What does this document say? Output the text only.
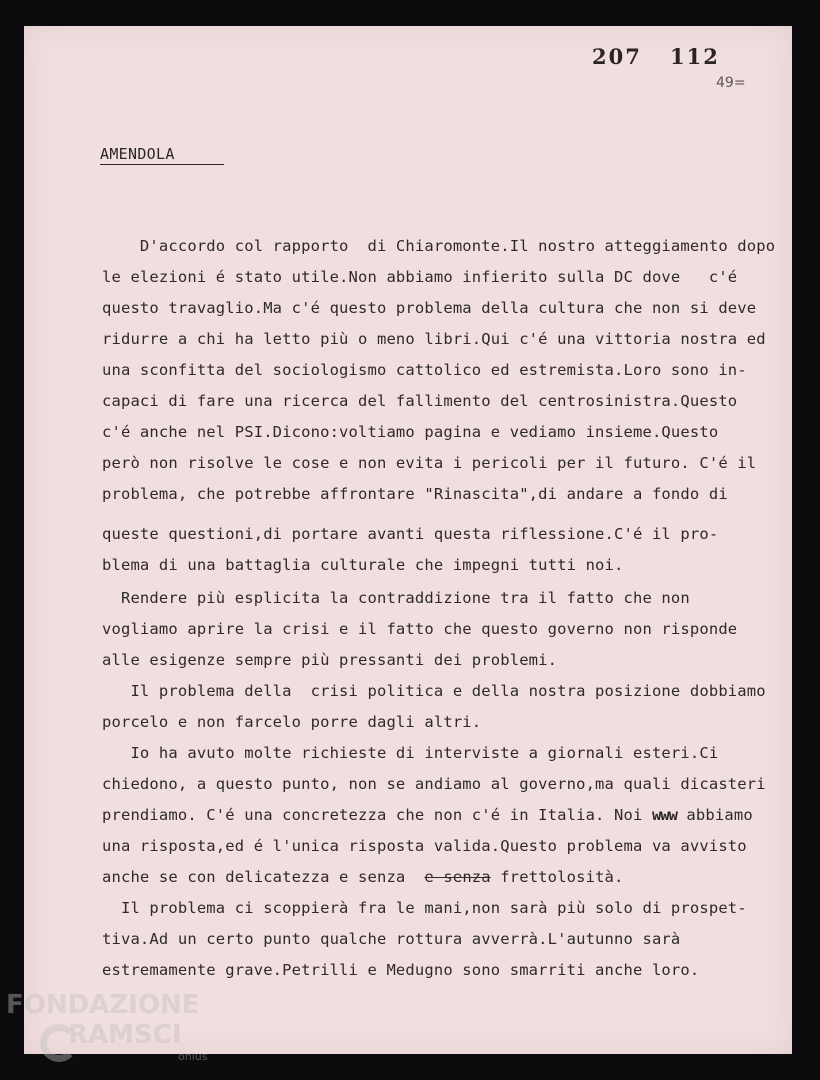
207 112
49=
AMENDOLA
D'accordo col rapporto  di Chiaromonte.Il nostro atteggiamento dopo
le elezioni é stato utile.Non abbiamo infierito sulla DC dove   c'é
questo travaglio.Ma c'é questo problema della cultura che non si deve
ridurre a chi ha letto più o meno libri.Qui c'é una vittoria nostra ed
una sconfitta del sociologismo cattolico ed estremista.Loro sono in-
capaci di fare una ricerca del fallimento del centrosinistra.Questo
c'é anche nel PSI.Dicono:voltiamo pagina e vediamo insieme.Questo
però non risolve le cose e non evita i pericoli per il futuro. C'é il
problema, che potrebbe affrontare "Rinascita",di andare a fondo di
queste questioni,di portare avanti questa riflessione.C'é il pro-
blema di una battaglia culturale che impegni tutti noi.
Rendere più esplicita la contraddizione tra il fatto che non
vogliamo aprire la crisi e il fatto che questo governo non risponde
alle esigenze sempre più pressanti dei problemi.
Il problema della  crisi politica e della nostra posizione dobbiamo
porcelo e non farcelo porre dagli altri.
Io ha avuto molte richieste di interviste a giornali esteri.Ci
chiedono, a questo punto, non se andiamo al governo,ma quali dicasteri
prendiamo. C'é una concretezza che non c'é in Italia. Noi www abbiamo
una risposta,ed é l'unica risposta valida.Questo problema va avvisto
anche se con delicatezza e senza  e senza frettolosità.
Il problema ci scoppierà fra le mani,non sarà più solo di prospet-
tiva.Ad un certo punto qualche rottura avverrà.L'autunno sarà
estremamente grave.Petrilli e Medugno sono smarriti anche loro.
FONDAZIONE
RAMSCI
onlus
